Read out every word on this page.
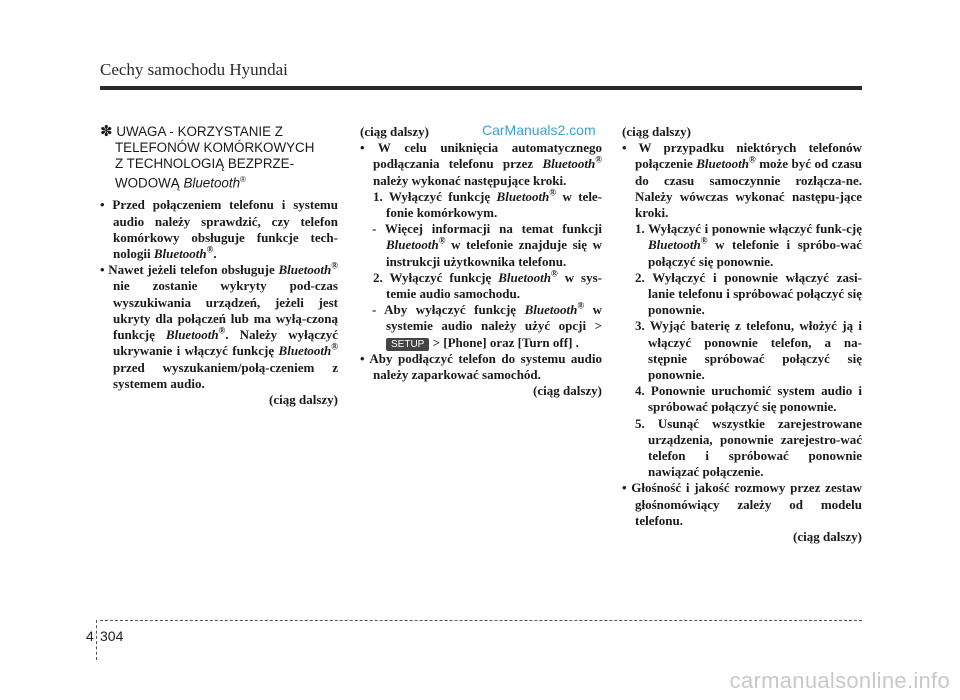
Cechy samochodu Hyundai
CarManuals2.com
✽ UWAGA - KORZYSTANIE Z
TELEFONÓW KOMÓRKOWYCH
Z TECHNOLOGIĄ BEZPRZE-
WODOWĄ Bluetooth®
• Przed połączeniem telefonu i systemu audio należy sprawdzić, czy telefon komórkowy obsługuje funkcje tech-nologii Bluetooth®.
• Nawet jeżeli telefon obsługuje Bluetooth® nie zostanie wykryty pod-czas wyszukiwania urządzeń, jeżeli jest ukryty dla połączeń lub ma wyłą-czoną funkcję Bluetooth®. Należy wyłączyć ukrywanie i włączyć funkcję Bluetooth® przed wyszukaniem/połą-czeniem z systemem audio.
(ciąg dalszy)
(ciąg dalszy)
• W celu uniknięcia automatycznego podłączania telefonu przez Bluetooth® należy wykonać następujące kroki.
1. Wyłączyć funkcję Bluetooth® w tele-fonie komórkowym.
- Więcej informacji na temat funkcji Bluetooth® w telefonie znajduje się w instrukcji użytkownika telefonu.
2. Wyłączyć funkcję Bluetooth® w sys-temie audio samochodu.
- Aby wyłączyć funkcję Bluetooth® w systemie audio należy użyć opcji > SETUP > [Phone] oraz [Turn off] .
• Aby podłączyć telefon do systemu audio należy zaparkować samochód.
(ciąg dalszy)
(ciąg dalszy)
• W przypadku niektórych telefonów połączenie Bluetooth® może być od czasu do czasu samoczynnie rozłącza-ne. Należy wówczas wykonać następu-jące kroki.
1. Wyłączyć i ponownie włączyć funk-cję Bluetooth® w telefonie i spróbo-wać połączyć się ponownie.
2. Wyłączyć i ponownie włączyć zasi-lanie telefonu i spróbować połączyć się ponownie.
3. Wyjąć baterię z telefonu, włożyć ją i włączyć ponownie telefon, a na-stępnie spróbować połączyć się ponownie.
4. Ponownie uruchomić system audio i spróbować połączyć się ponownie.
5. Usunąć wszystkie zarejestrowane urządzenia, ponownie zarejestro-wać telefon i spróbować ponownie nawiązać połączenie.
• Głośność i jakość rozmowy przez zestaw głośnomówiący zależy od modelu telefonu.
(ciąg dalszy)
4 304
carmanualsonline.info
